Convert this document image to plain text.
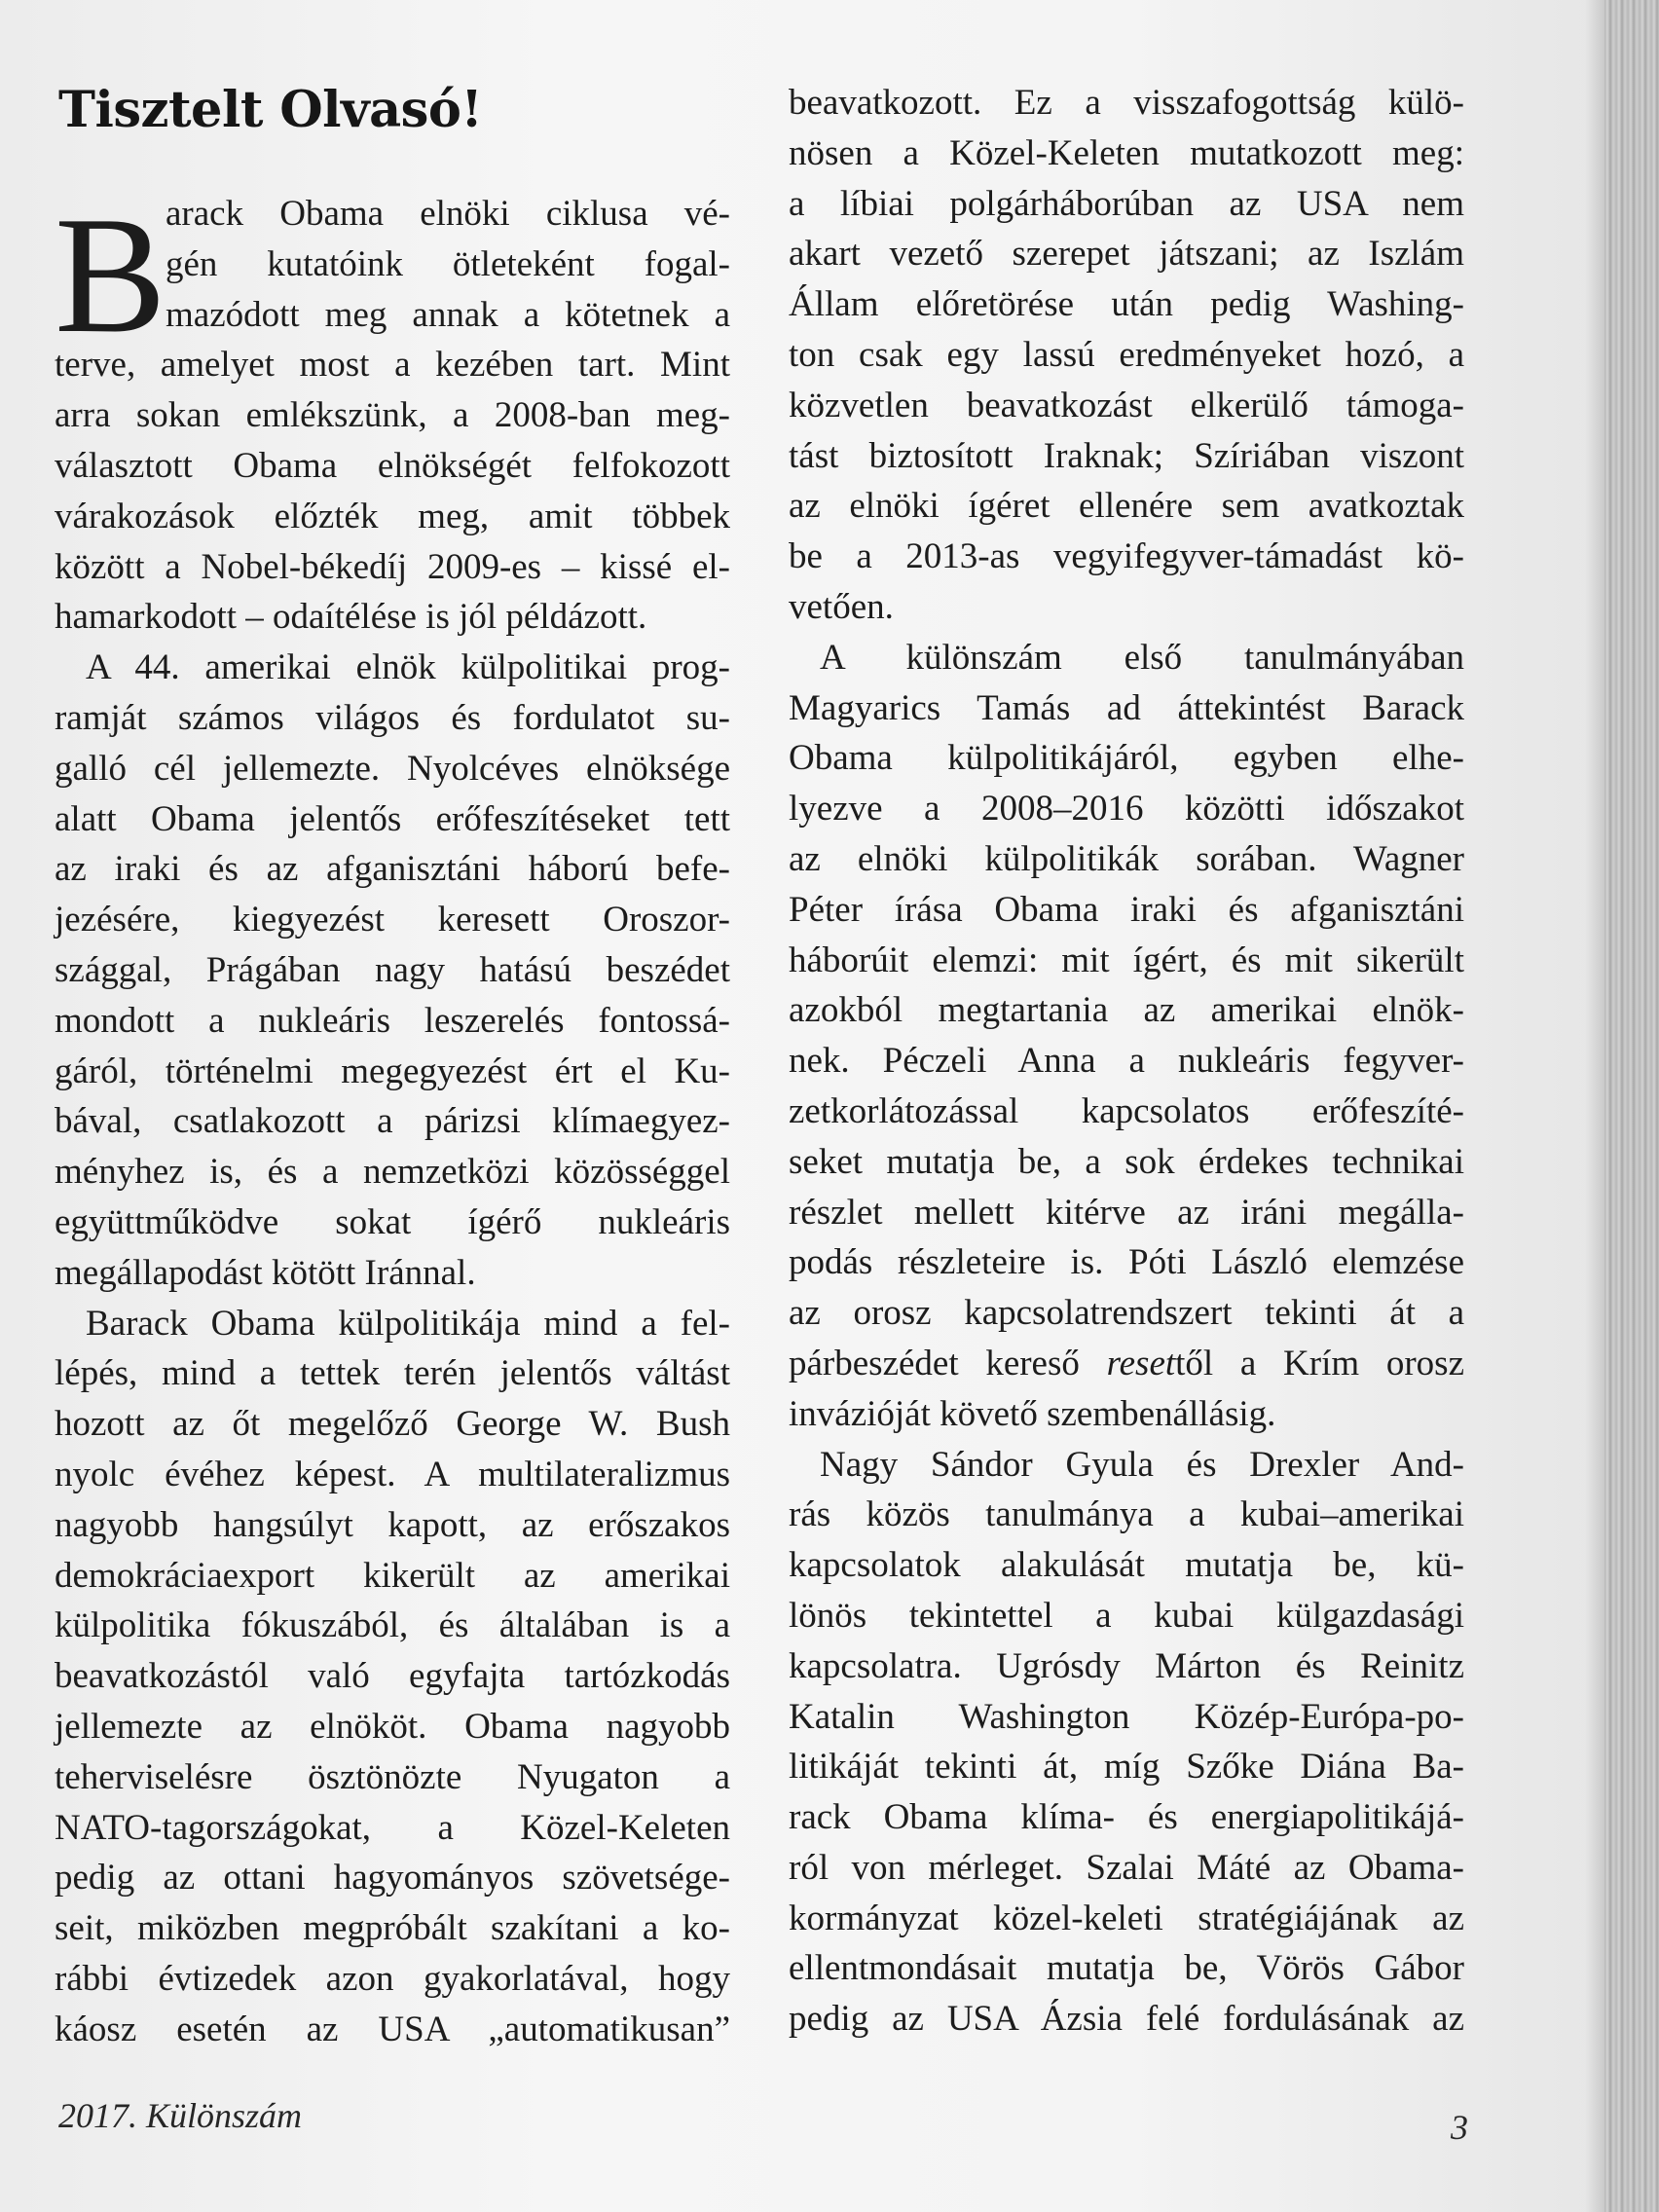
Tisztelt Olvasó!
B arack Obama elnöki ciklusa vé-
gén kutatóink ötleteként fogal-
mazódott meg annak a kötetnek a
terve, amelyet most a kezében tart. Mint
arra sokan emlékszünk, a 2008-ban meg-
választott Obama elnökségét felfokozott
várakozások előzték meg, amit többek
között a Nobel-békedíj 2009-es – kissé el-
hamarkodott – odaítélése is jól példázott.
A 44. amerikai elnök külpolitikai prog-
ramját számos világos és fordulatot su-
galló cél jellemezte. Nyolcéves elnöksége
alatt Obama jelentős erőfeszítéseket tett
az iraki és az afganisztáni háború befe-
jezésére, kiegyezést keresett Oroszor-
szággal, Prágában nagy hatású beszédet
mondott a nukleáris leszerelés fontossá-
gáról, történelmi megegyezést ért el Ku-
bával, csatlakozott a párizsi klímaegyez-
ményhez is, és a nemzetközi közösséggel
együttműködve sokat ígérő nukleáris
megállapodást kötött Iránnal.
Barack Obama külpolitikája mind a fel-
lépés, mind a tettek terén jelentős váltást
hozott az őt megelőző George W. Bush
nyolc évéhez képest. A multilateralizmus
nagyobb hangsúlyt kapott, az erőszakos
demokráciaexport kikerült az amerikai
külpolitika fókuszából, és általában is a
beavatkozástól való egyfajta tartózkodás
jellemezte az elnököt. Obama nagyobb
teherviselésre ösztönözte Nyugaton a
NATO-tagországokat, a Közel-Keleten
pedig az ottani hagyományos szövetsége-
seit, miközben megpróbált szakítani a ko-
rábbi évtizedek azon gyakorlatával, hogy
káosz esetén az USA „automatikusan”
beavatkozott. Ez a visszafogottság külö-
nösen a Közel-Keleten mutatkozott meg:
a líbiai polgárháborúban az USA nem
akart vezető szerepet játszani; az Iszlám
Állam előretörése után pedig Washing-
ton csak egy lassú eredményeket hozó, a
közvetlen beavatkozást elkerülő támoga-
tást biztosított Iraknak; Szíriában viszont
az elnöki ígéret ellenére sem avatkoztak
be a 2013-as vegyifegyver-támadást kö-
vetően.
A különszám első tanulmányában
Magyarics Tamás ad áttekintést Barack
Obama külpolitikájáról, egyben elhe-
lyezve a 2008–2016 közötti időszakot
az elnöki külpolitikák sorában. Wagner
Péter írása Obama iraki és afganisztáni
háborúit elemzi: mit ígért, és mit sikerült
azokból megtartania az amerikai elnök-
nek. Péczeli Anna a nukleáris fegyver-
zetkorlátozással kapcsolatos erőfeszíté-
seket mutatja be, a sok érdekes technikai
részlet mellett kitérve az iráni megálla-
podás részleteire is. Póti László elemzése
az orosz kapcsolatrendszert tekinti át a
párbeszédet kereső resettől a Krím orosz
invázióját követő szembenállásig.
Nagy Sándor Gyula és Drexler And-
rás közös tanulmánya a kubai–amerikai
kapcsolatok alakulását mutatja be, kü-
lönös tekintettel a kubai külgazdasági
kapcsolatra. Ugrósdy Márton és Reinitz
Katalin Washington Közép-Európa-po-
litikáját tekinti át, míg Szőke Diána Ba-
rack Obama klíma- és energiapolitikájá-
ról von mérleget. Szalai Máté az Obama-
kormányzat közel-keleti stratégiájának az
ellentmondásait mutatja be, Vörös Gábor
pedig az USA Ázsia felé fordulásának az

2017. Különszám	3
